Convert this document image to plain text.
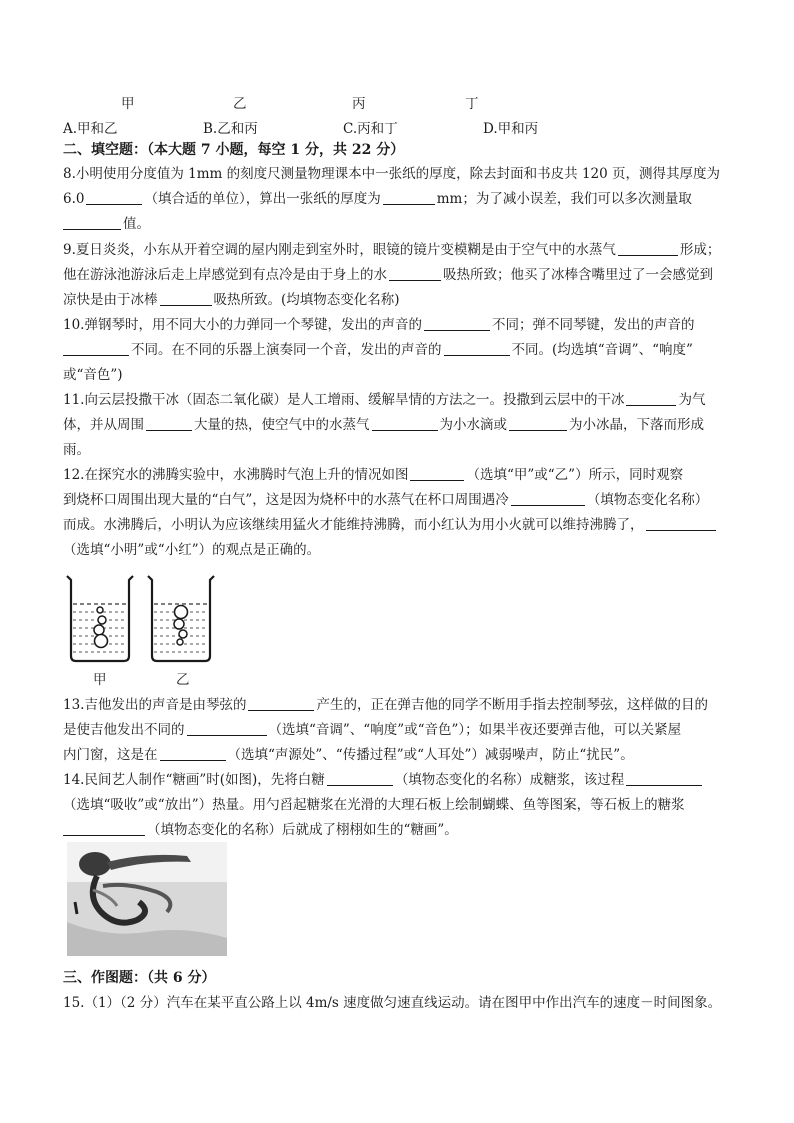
甲	乙	丙	丁
A.甲和乙	B.乙和丙	C.丙和丁	D.甲和丙
二、填空题：（本大题 7 小题，每空 1 分，共 22 分）
8.小明使用分度值为 1mm 的刻度尺测量物理课本中一张纸的厚度，除去封面和书皮共 120 页，测得其厚度为
6.0	（填合适的单位），算出一张纸的厚度为	mm；为了减小误差，我们可以多次测量取
值。
9.夏日炎炎，小东从开着空调的屋内刚走到室外时，眼镜的镜片变模糊是由于空气中的水蒸气	形成；
他在游泳池游泳后走上岸感觉到有点冷是由于身上的水	吸热所致；他买了冰棒含嘴里过了一会感觉到
凉快是由于冰棒	吸热所致。(均填物态变化名称)
10.弹钢琴时，用不同大小的力弹同一个琴键，发出的声音的	不同；弹不同琴键，发出的声音的
不同。在不同的乐器上演奏同一个音，发出的声音的	不同。(均选填“音调”、“响度”
或“音色”)
11.向云层投撒干冰（固态二氧化碳）是人工增雨、缓解旱情的方法之一。投撒到云层中的干冰	为气
体，并从周围	大量的热，使空气中的水蒸气	为小水滴或	为小冰晶，下落而形成
雨。
12.在探究水的沸腾实验中，水沸腾时气泡上升的情况如图	（选填“甲”或“乙”）所示，同时观察
到烧杯口周围出现大量的“白气”，这是因为烧杯中的水蒸气在杯口周围遇冷	（填物态变化名称）
而成。水沸腾后，小明认为应该继续用猛火才能维持沸腾，而小红认为用小火就可以维持沸腾了，
（选填“小明”或“小红”）的观点是正确的。
甲	乙
13.吉他发出的声音是由琴弦的	产生的，正在弹吉他的同学不断用手指去控制琴弦，这样做的目的
是使吉他发出不同的	（选填“音调”、“响度”或“音色”）；如果半夜还要弹吉他，可以关紧屋
内门窗，这是在	（选填“声源处”、“传播过程”或“人耳处”）减弱噪声，防止“扰民”。
14.民间艺人制作“糖画”时(如图)，先将白糖	（填物态变化的名称）成糖浆，该过程
（选填“吸收”或“放出”）热量。用勺舀起糖浆在光滑的大理石板上绘制蝴蝶、鱼等图案，等石板上的糖浆
（填物态变化的名称）后就成了栩栩如生的“糖画”。
三、作图题：（共 6 分）
15.（1）（2 分）汽车在某平直公路上以 4m/s 速度做匀速直线运动。请在图甲中作出汽车的速度－时间图象。
